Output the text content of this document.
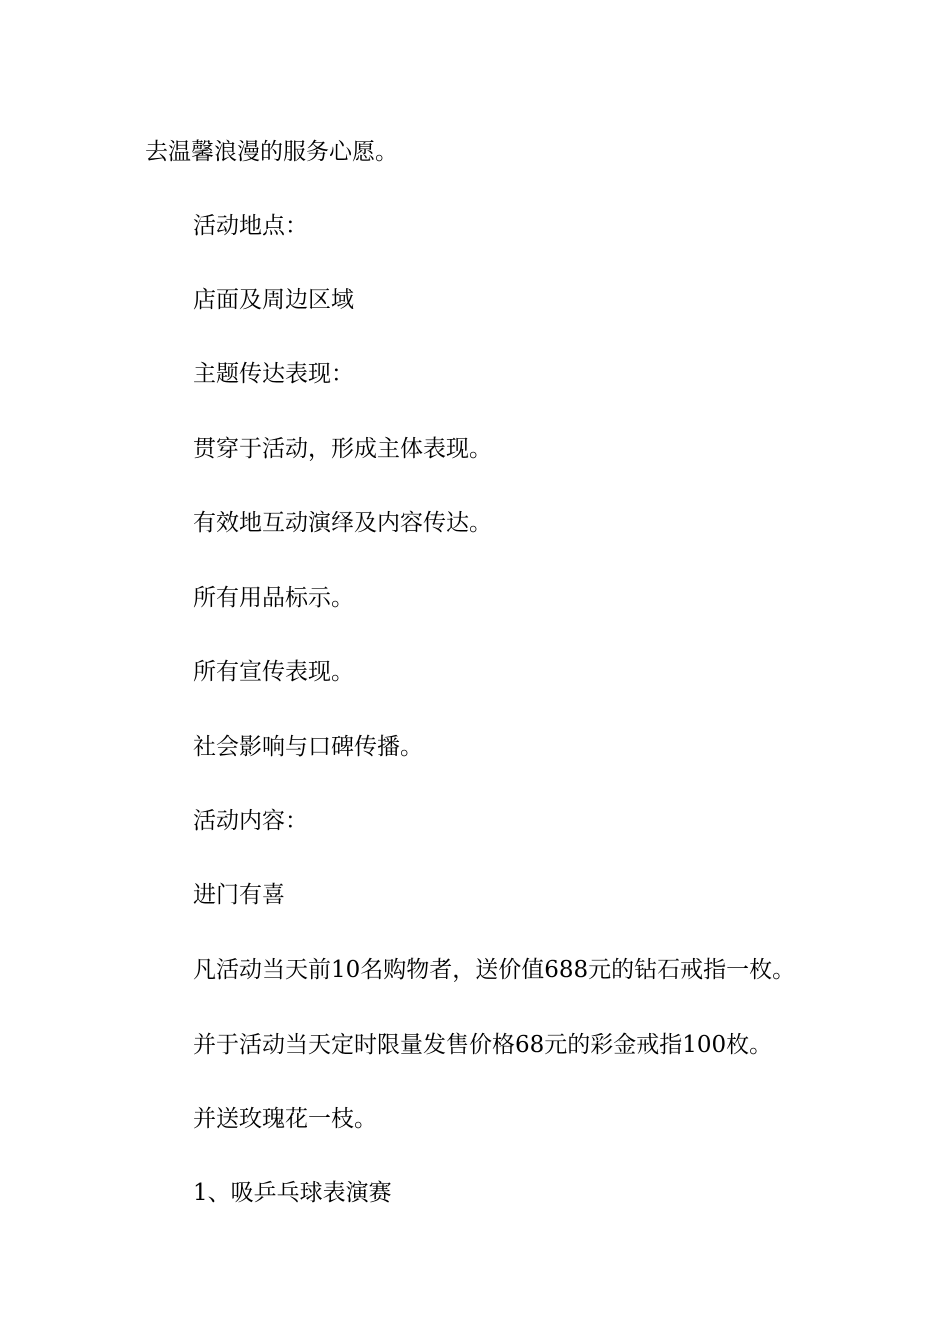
去温馨浪漫的服务心愿。
活动地点：
店面及周边区域
主题传达表现：
贯穿于活动，形成主体表现。
有效地互动演绎及内容传达。
所有用品标示。
所有宣传表现。
社会影响与口碑传播。
活动内容：
进门有喜
凡活动当天前10名购物者，送价值688元的钻石戒指一枚。
并于活动当天定时限量发售价格68元的彩金戒指100枚。
并送玫瑰花一枝。
1、吸乒乓球表演赛
